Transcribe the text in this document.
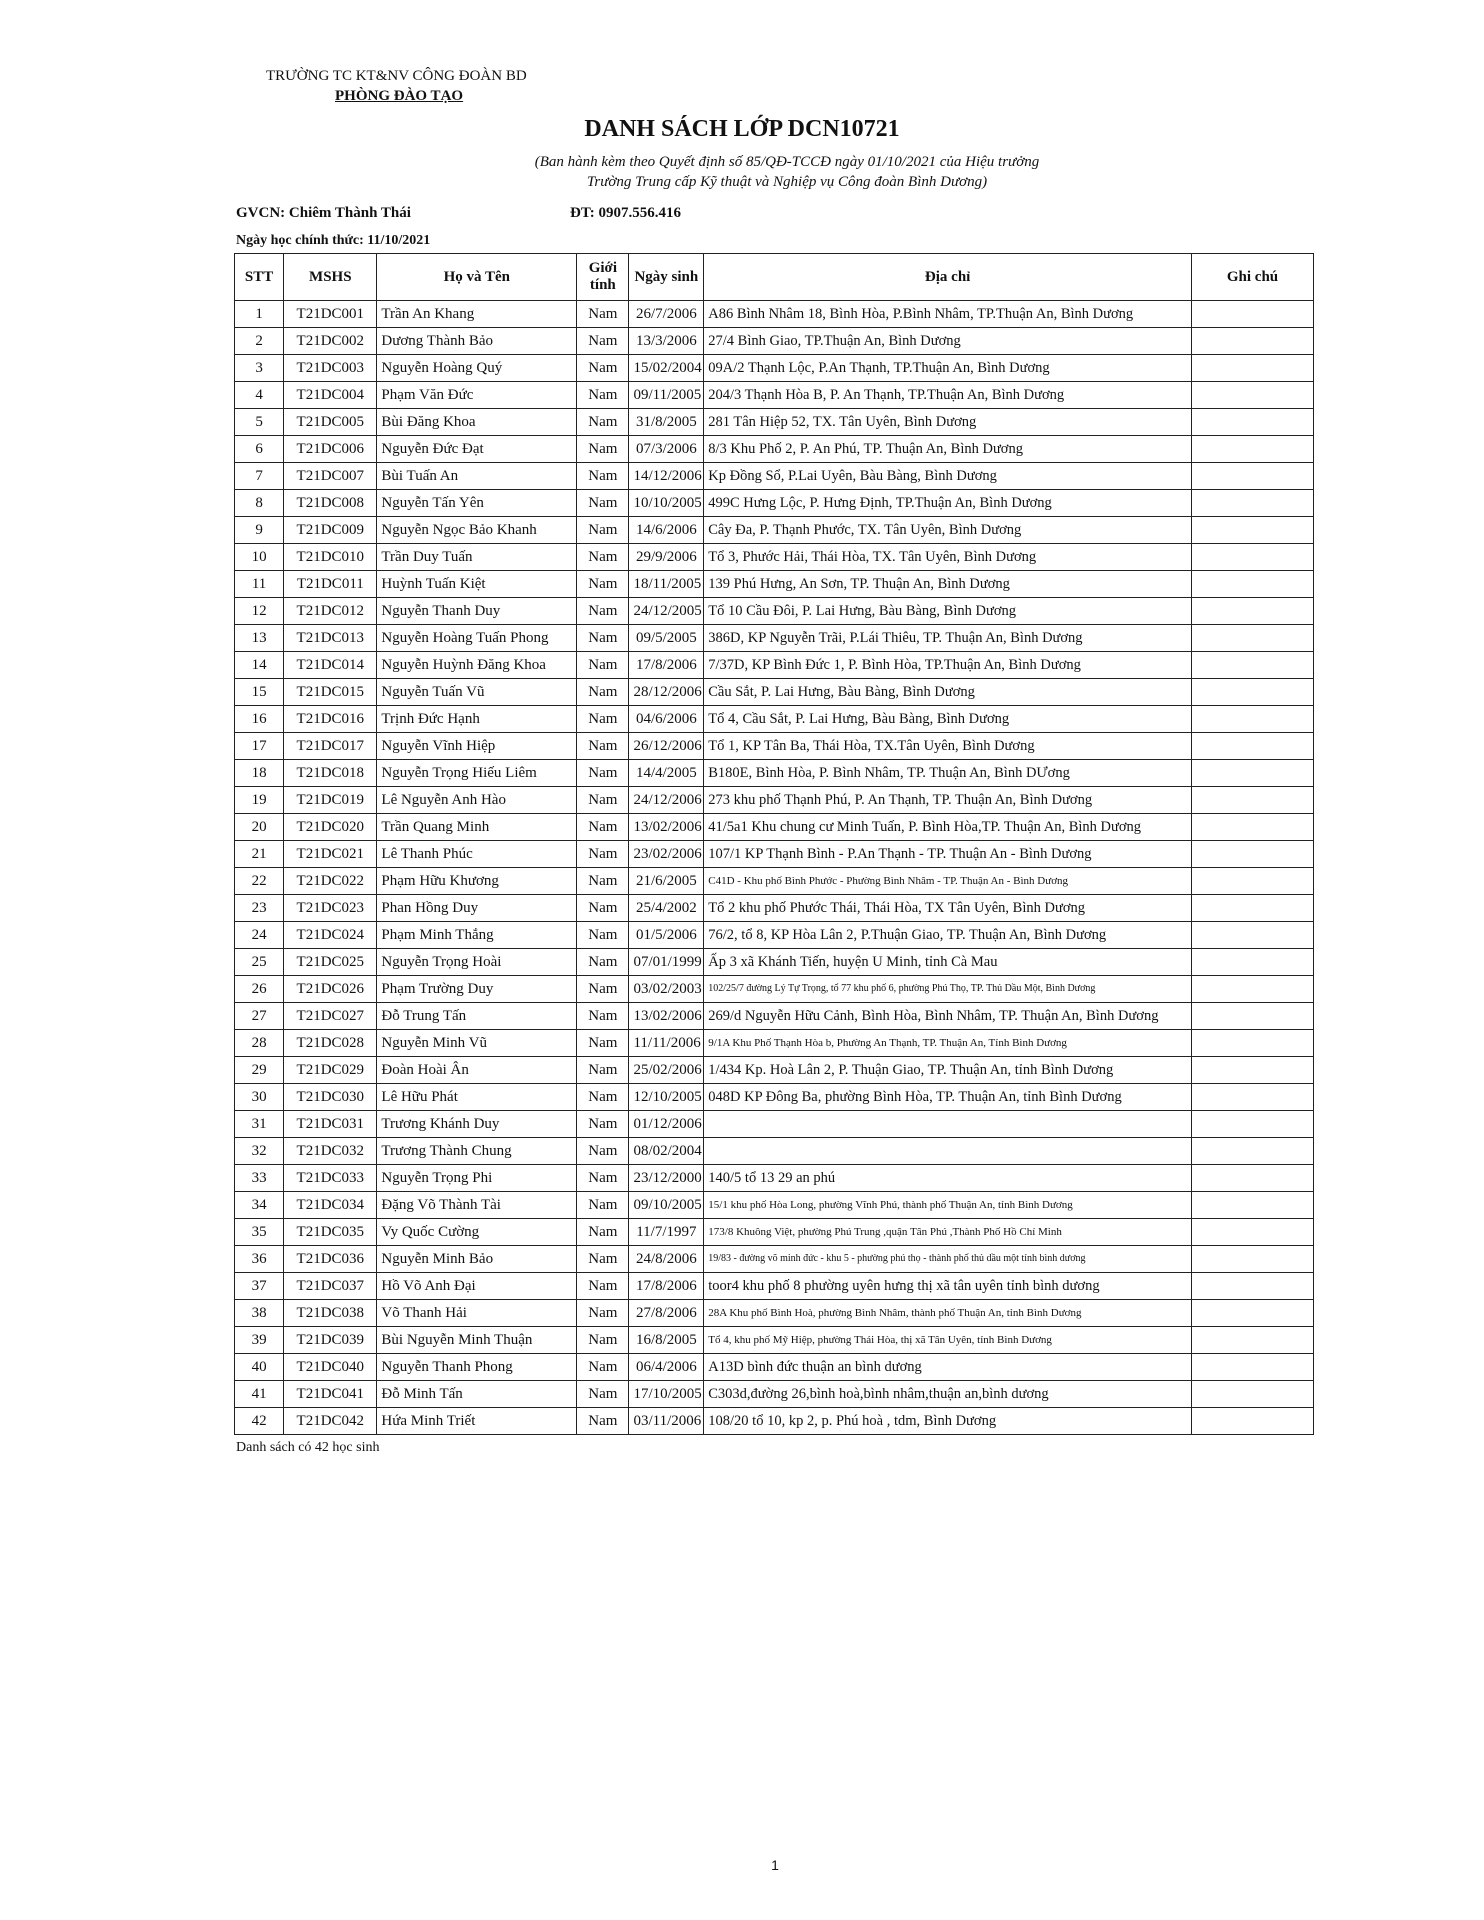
TRƯỜNG TC KT&NV CÔNG ĐOÀN BD
PHÒNG ĐÀO TẠO
DANH SÁCH LỚP DCN10721
(Ban hành kèm theo Quyết định số 85/QĐ-TCCĐ ngày 01/10/2021 của Hiệu trưởng
Trường Trung cấp Kỹ thuật và Nghiệp vụ Công đoàn Bình Dương)
GVCN: Chiêm Thành Thái	ĐT: 0907.556.416
Ngày học chính thức: 11/10/2021
STT	MSHS	Họ và Tên	Giới tính	Ngày sinh	Địa chỉ	Ghi chú
1	T21DC001	Trần An Khang	Nam	26/7/2006	A86 Bình Nhâm 18, Bình Hòa, P.Bình Nhâm, TP.Thuận An, Bình Dương	
2	T21DC002	Dương Thành Bảo	Nam	13/3/2006	27/4 Bình Giao, TP.Thuận An, Bình Dương	
3	T21DC003	Nguyễn Hoàng Quý	Nam	15/02/2004	09A/2 Thạnh Lộc, P.An Thạnh, TP.Thuận An, Bình Dương	
4	T21DC004	Phạm Văn Đức	Nam	09/11/2005	204/3 Thạnh Hòa B, P. An Thạnh, TP.Thuận An, Bình Dương	
5	T21DC005	Bùi Đăng Khoa	Nam	31/8/2005	281 Tân Hiệp 52, TX. Tân Uyên, Bình Dương	
6	T21DC006	Nguyễn Đức Đạt	Nam	07/3/2006	8/3 Khu Phố 2, P. An Phú, TP. Thuận An, Bình Dương	
7	T21DC007	Bùi Tuấn An	Nam	14/12/2006	Kp Đồng Sổ, P.Lai Uyên, Bàu Bàng, Bình Dương	
8	T21DC008	Nguyễn Tấn Yên	Nam	10/10/2005	499C Hưng Lộc, P. Hưng Định, TP.Thuận An, Bình Dương	
9	T21DC009	Nguyễn Ngọc Bảo Khanh	Nam	14/6/2006	Cây Đa, P. Thạnh Phước, TX. Tân Uyên, Bình Dương	
10	T21DC010	Trần Duy Tuấn	Nam	29/9/2006	Tổ 3, Phước Hải, Thái Hòa, TX. Tân Uyên, Bình Dương	
11	T21DC011	Huỳnh Tuấn Kiệt	Nam	18/11/2005	139 Phú Hưng, An Sơn, TP. Thuận An, Bình Dương	
12	T21DC012	Nguyễn Thanh Duy	Nam	24/12/2005	Tổ 10 Cầu Đôi, P. Lai Hưng, Bàu Bàng, Bình Dương	
13	T21DC013	Nguyễn Hoàng Tuấn Phong	Nam	09/5/2005	386D, KP Nguyễn Trãi, P.Lái Thiêu, TP. Thuận An, Bình Dương	
14	T21DC014	Nguyễn Huỳnh Đăng Khoa	Nam	17/8/2006	7/37D, KP Bình Đức 1, P. Bình Hòa, TP.Thuận An, Bình Dương	
15	T21DC015	Nguyễn Tuấn Vũ	Nam	28/12/2006	Cầu Sắt, P. Lai Hưng, Bàu Bàng, Bình Dương	
16	T21DC016	Trịnh Đức Hạnh	Nam	04/6/2006	Tổ 4, Cầu Sắt, P. Lai Hưng, Bàu Bàng, Bình Dương	
17	T21DC017	Nguyễn Vĩnh Hiệp	Nam	26/12/2006	Tổ 1, KP Tân Ba, Thái Hòa, TX.Tân Uyên, Bình Dương	
18	T21DC018	Nguyễn Trọng Hiếu Liêm	Nam	14/4/2005	B180E, Bình Hòa, P. Bình Nhâm, TP. Thuận An, Bình DƯơng	
19	T21DC019	Lê Nguyễn Anh Hào	Nam	24/12/2006	273 khu phố Thạnh Phú, P. An Thạnh, TP. Thuận An, Bình Dương	
20	T21DC020	Trần Quang Minh	Nam	13/02/2006	41/5a1 Khu chung cư Minh Tuấn, P. Bình Hòa,TP. Thuận An, Bình Dương	
21	T21DC021	Lê Thanh Phúc	Nam	23/02/2006	107/1 KP Thạnh Bình - P.An Thạnh - TP. Thuận An - Bình Dương	
22	T21DC022	Phạm Hữu Khương	Nam	21/6/2005	C41D - Khu phố Bình Phước - Phường Bình Nhâm - TP. Thuận An - Bình Dương	
23	T21DC023	Phan Hồng Duy	Nam	25/4/2002	Tổ 2 khu phố Phước Thái, Thái Hòa, TX Tân Uyên, Bình Dương	
24	T21DC024	Phạm Minh Thắng	Nam	01/5/2006	76/2, tổ 8, KP Hòa Lân 2, P.Thuận Giao, TP. Thuận An, Bình Dương	
25	T21DC025	Nguyễn Trọng Hoài	Nam	07/01/1999	Ấp 3 xã Khánh Tiến, huyện U Minh, tỉnh Cà Mau	
26	T21DC026	Phạm Trường Duy	Nam	03/02/2003	102/25/7 đường Lý Tự Trọng, tổ 77 khu phố 6, phường Phú Thọ, TP. Thủ Dầu Một, Bình Dương	
27	T21DC027	Đỗ Trung Tấn	Nam	13/02/2006	269/d Nguyễn Hữu Cảnh, Bình Hòa, Bình Nhâm, TP. Thuận An, Bình Dương	
28	T21DC028	Nguyễn Minh Vũ	Nam	11/11/2006	9/1A Khu Phố Thạnh Hòa b, Phường An Thạnh, TP. Thuận An, Tỉnh Bình Dương	
29	T21DC029	Đoàn Hoài Ân	Nam	25/02/2006	1/434 Kp. Hoà Lân 2, P. Thuận Giao, TP. Thuận An, tỉnh Bình Dương	
30	T21DC030	Lê Hữu Phát	Nam	12/10/2005	048D KP Đông Ba, phường Bình Hòa, TP. Thuận An, tỉnh Bình Dương	
31	T21DC031	Trương Khánh Duy	Nam	01/12/2006		
32	T21DC032	Trương Thành Chung	Nam	08/02/2004		
33	T21DC033	Nguyễn Trọng Phi	Nam	23/12/2000	140/5 tổ 13 29 an phú	
34	T21DC034	Đặng Võ Thành Tài	Nam	09/10/2005	15/1 khu phố Hòa Long, phường Vĩnh Phú, thành phố Thuận An, tỉnh Bình Dương	
35	T21DC035	Vy Quốc Cường	Nam	11/7/1997	173/8 Khuông Việt, phường Phú Trung ,quận Tân Phú ,Thành Phố Hồ Chí Minh	
36	T21DC036	Nguyễn Minh Bảo	Nam	24/8/2006	19/83 - đường võ minh đức - khu 5 - phường phú thọ - thành phố thủ dầu một tỉnh bình dương	
37	T21DC037	Hồ Võ Anh Đại	Nam	17/8/2006	toor4 khu phố 8 phường uyên hưng thị xã tân uyên tỉnh bình dương	
38	T21DC038	Võ Thanh Hải	Nam	27/8/2006	28A Khu phố Bình Hoà, phường Bình Nhâm, thành phố Thuận An, tỉnh Bình Dương	
39	T21DC039	Bùi Nguyễn Minh Thuận	Nam	16/8/2005	Tổ 4, khu phố Mỹ Hiệp, phường Thái Hòa, thị xã Tân Uyên, tỉnh Bình Dương	
40	T21DC040	Nguyễn Thanh Phong	Nam	06/4/2006	A13D bình đức thuận an bình dương	
41	T21DC041	Đỗ Minh Tấn	Nam	17/10/2005	C303d,đường 26,bình hoà,bình nhâm,thuận an,bình dương	
42	T21DC042	Hứa Minh Triết	Nam	03/11/2006	108/20 tổ 10, kp 2, p. Phú hoà , tdm, Bình Dương	
Danh sách có 42 học sinh
1
